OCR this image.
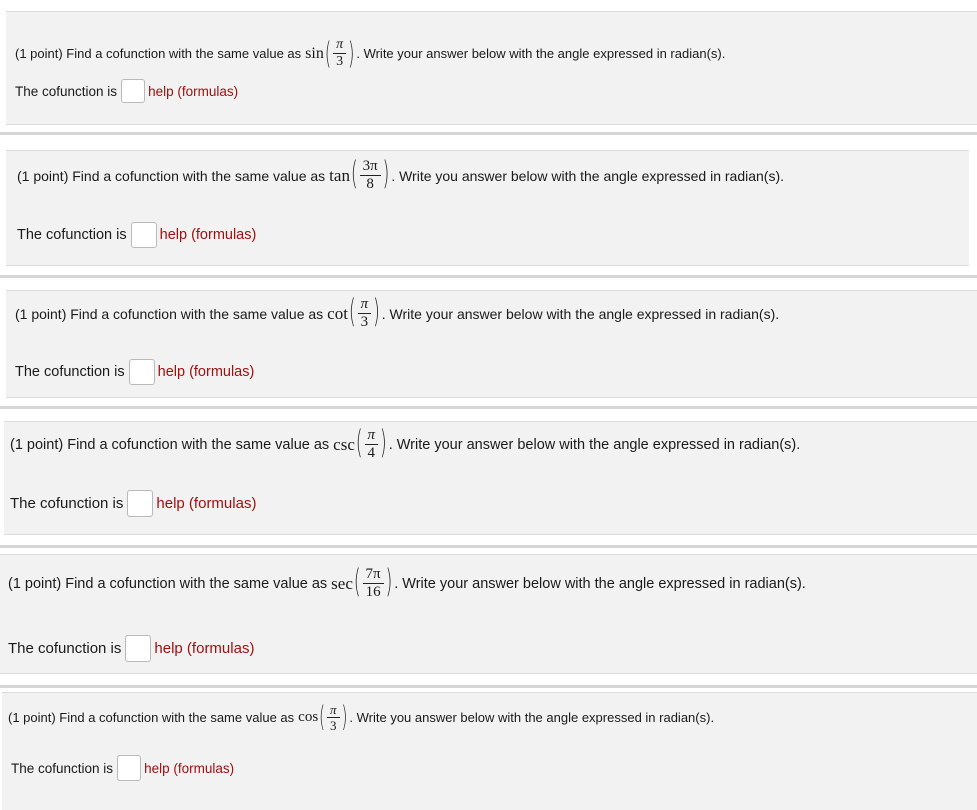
(1 point) Find a cofunction with the same value as sin ( $\frac{\pi}{3}$ ) . Write your answer below with the angle expressed in radian(s).
The cofunction is help (formulas)
(1 point) Find a cofunction with the same value as tan ( $\frac{3\pi}{8}$ ) . Write you answer below with the angle expressed in radian(s).
The cofunction is help (formulas)
(1 point) Find a cofunction with the same value as cot ( $\frac{\pi}{3}$ ) . Write your answer below with the angle expressed in radian(s).
The cofunction is help (formulas)
(1 point) Find a cofunction with the same value as csc ( $\frac{\pi}{4}$ ) . Write your answer below with the angle expressed in radian(s).
The cofunction is help (formulas)
(1 point) Find a cofunction with the same value as sec ( $\frac{7\pi}{16}$ ) . Write your answer below with the angle expressed in radian(s).
The cofunction is help (formulas)
(1 point) Find a cofunction with the same value as cos ( $\frac{\pi}{3}$ ) . Write you answer below with the angle expressed in radian(s).
The cofunction is help (formulas)
